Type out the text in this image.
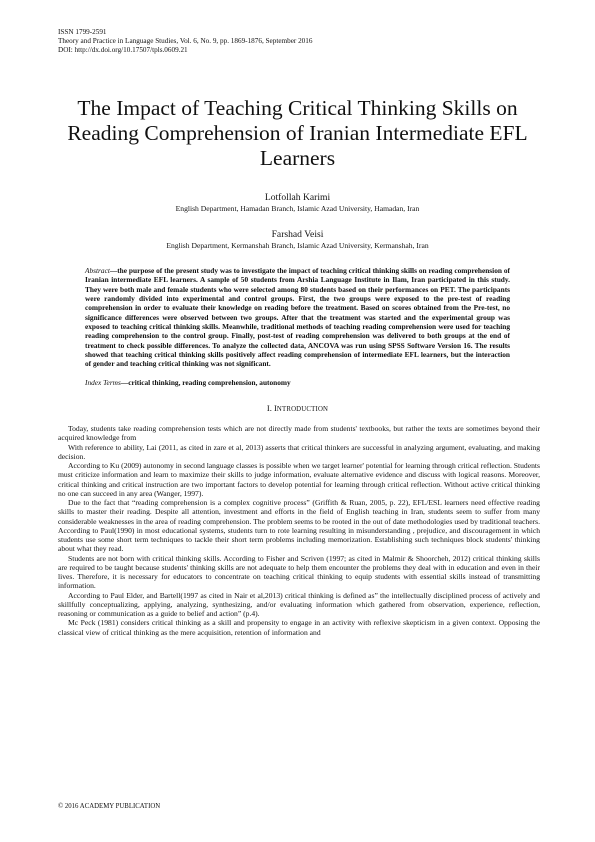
ISSN 1799-2591
Theory and Practice in Language Studies, Vol. 6, No. 9, pp. 1869-1876, September 2016
DOI: http://dx.doi.org/10.17507/tpls.0609.21
The Impact of Teaching Critical Thinking Skills on Reading Comprehension of Iranian Intermediate EFL Learners
Lotfollah Karimi
English Department, Hamadan Branch, Islamic Azad University, Hamadan, Iran
Farshad Veisi
English Department, Kermanshah Branch, Islamic Azad University, Kermanshah, Iran
Abstract—the purpose of the present study was to investigate the impact of teaching critical thinking skills on reading comprehension of Iranian intermediate EFL learners. A sample of 50 students from Arshia Language Institute in Ilam, Iran participated in this study. They were both male and female students who were selected among 80 students based on their performances on PET. The participants were randomly divided into experimental and control groups. First, the two groups were exposed to the pre-test of reading comprehension in order to evaluate their knowledge on reading before the treatment. Based on scores obtained from the Pre-test, no significance differences were observed between two groups. After that the treatment was started and the experimental group was exposed to teaching critical thinking skills. Meanwhile, traditional methods of teaching reading comprehension were used for teaching reading comprehension to the control group. Finally, post-test of reading comprehension was delivered to both groups at the end of treatment to check possible differences. To analyze the collected data, ANCOVA was run using SPSS Software Version 16. The results showed that teaching critical thinking skills positively affect reading comprehension of intermediate EFL learners, but the interaction of gender and teaching critical thinking was not significant.
Index Terms—critical thinking, reading comprehension, autonomy
I. INTRODUCTION

Today, students take reading comprehension tests which are not directly made from students' textbooks, but rather the texts are sometimes beyond their acquired knowledge from

With reference to ability, Lai (2011, as cited in zare et al, 2013) asserts that critical thinkers are successful in analyzing argument, evaluating, and making decision.

According to Ku (2009) autonomy in second language classes is possible when we target learner' potential for learning through critical reflection. Students must criticize information and learn to maximize their skills to judge information, evaluate alternative evidence and discuss with logical reasons. Moreover, critical thinking and critical instruction are two important factors to develop potential for learning through critical reflection. Without active critical thinking no one can succeed in any area (Wanger, 1997).

Due to the fact that “reading comprehension is a complex cognitive process” (Griffith & Ruan, 2005, p. 22), EFL/ESL learners need effective reading skills to master their reading. Despite all attention, investment and efforts in the field of English teaching in Iran, students seem to suffer from many considerable weaknesses in the area of reading comprehension. The problem seems to be rooted in the out of date methodologies used by traditional teachers. According to Paul(1990) in most educational systems, students turn to rote learning resulting in misunderstanding , prejudice, and discouragement in which students use some short term techniques to tackle their short term problems including memorization. Establishing such techniques block students' thinking about what they read.

Students are not born with critical thinking skills. According to Fisher and Scriven (1997; as cited in Malmir & Shoorcheh, 2012) critical thinking skills are required to be taught because students' thinking skills are not adequate to help them encounter the problems they deal with in education and even in their lives. Therefore, it is necessary for educators to concentrate on teaching critical thinking to equip students with essential skills instead of transmitting information.

According to Paul Elder, and Bartell(1997 as cited in Nair et al,2013) critical thinking is defined as” the intellectually disciplined process of actively and skillfully conceptualizing, applying, analyzing, synthesizing, and/or evaluating information which gathered from observation, experience, reflection, reasoning or communication as a guide to belief and action” (p.4).

Mc Peck (1981) considers critical thinking as a skill and propensity to engage in an activity with reflexive skepticism in a given context. Opposing the classical view of critical thinking as the mere acquisition, retention of information and

© 2016 ACADEMY PUBLICATION
